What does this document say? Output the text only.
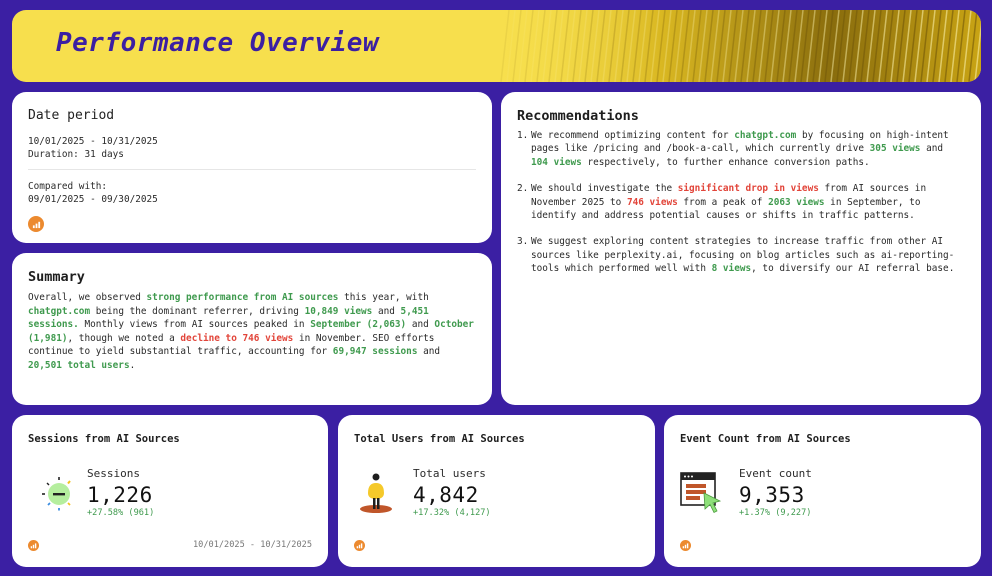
Performance Overview
Date period
10/01/2025 - 10/31/2025
Duration: 31 days
Compared with:
09/01/2025 - 09/30/2025
Summary

Overall, we observed strong performance from AI sources this year, with chatgpt.com being the dominant referrer, driving 10,849 views and 5,451 sessions. Monthly views from AI sources peaked in September (2,063) and October (1,981), though we noted a decline to 746 views in November. SEO efforts continue to yield substantial traffic, accounting for 69,947 sessions and 20,501 total users.

Recommendations
1. We recommend optimizing content for chatgpt.com by focusing on high-intent pages like /pricing and /book-a-call, which currently drive 305 views and 104 views respectively, to further enhance conversion paths.
2. We should investigate the significant drop in views from AI sources in November 2025 to 746 views from a peak of 2063 views in September, to identify and address potential causes or shifts in traffic patterns.
3. We suggest exploring content strategies to increase traffic from other AI sources like perplexity.ai, focusing on blog articles such as ai-reporting-tools which performed well with 8 views, to diversify our AI referral base.
Sessions from AI Sources
Sessions
1,226
+27.58% (961)
10/01/2025 - 10/31/2025
Total Users from AI Sources
Total users
4,842
+17.32% (4,127)
Event Count from AI Sources
Event count
9,353
+1.37% (9,227)
